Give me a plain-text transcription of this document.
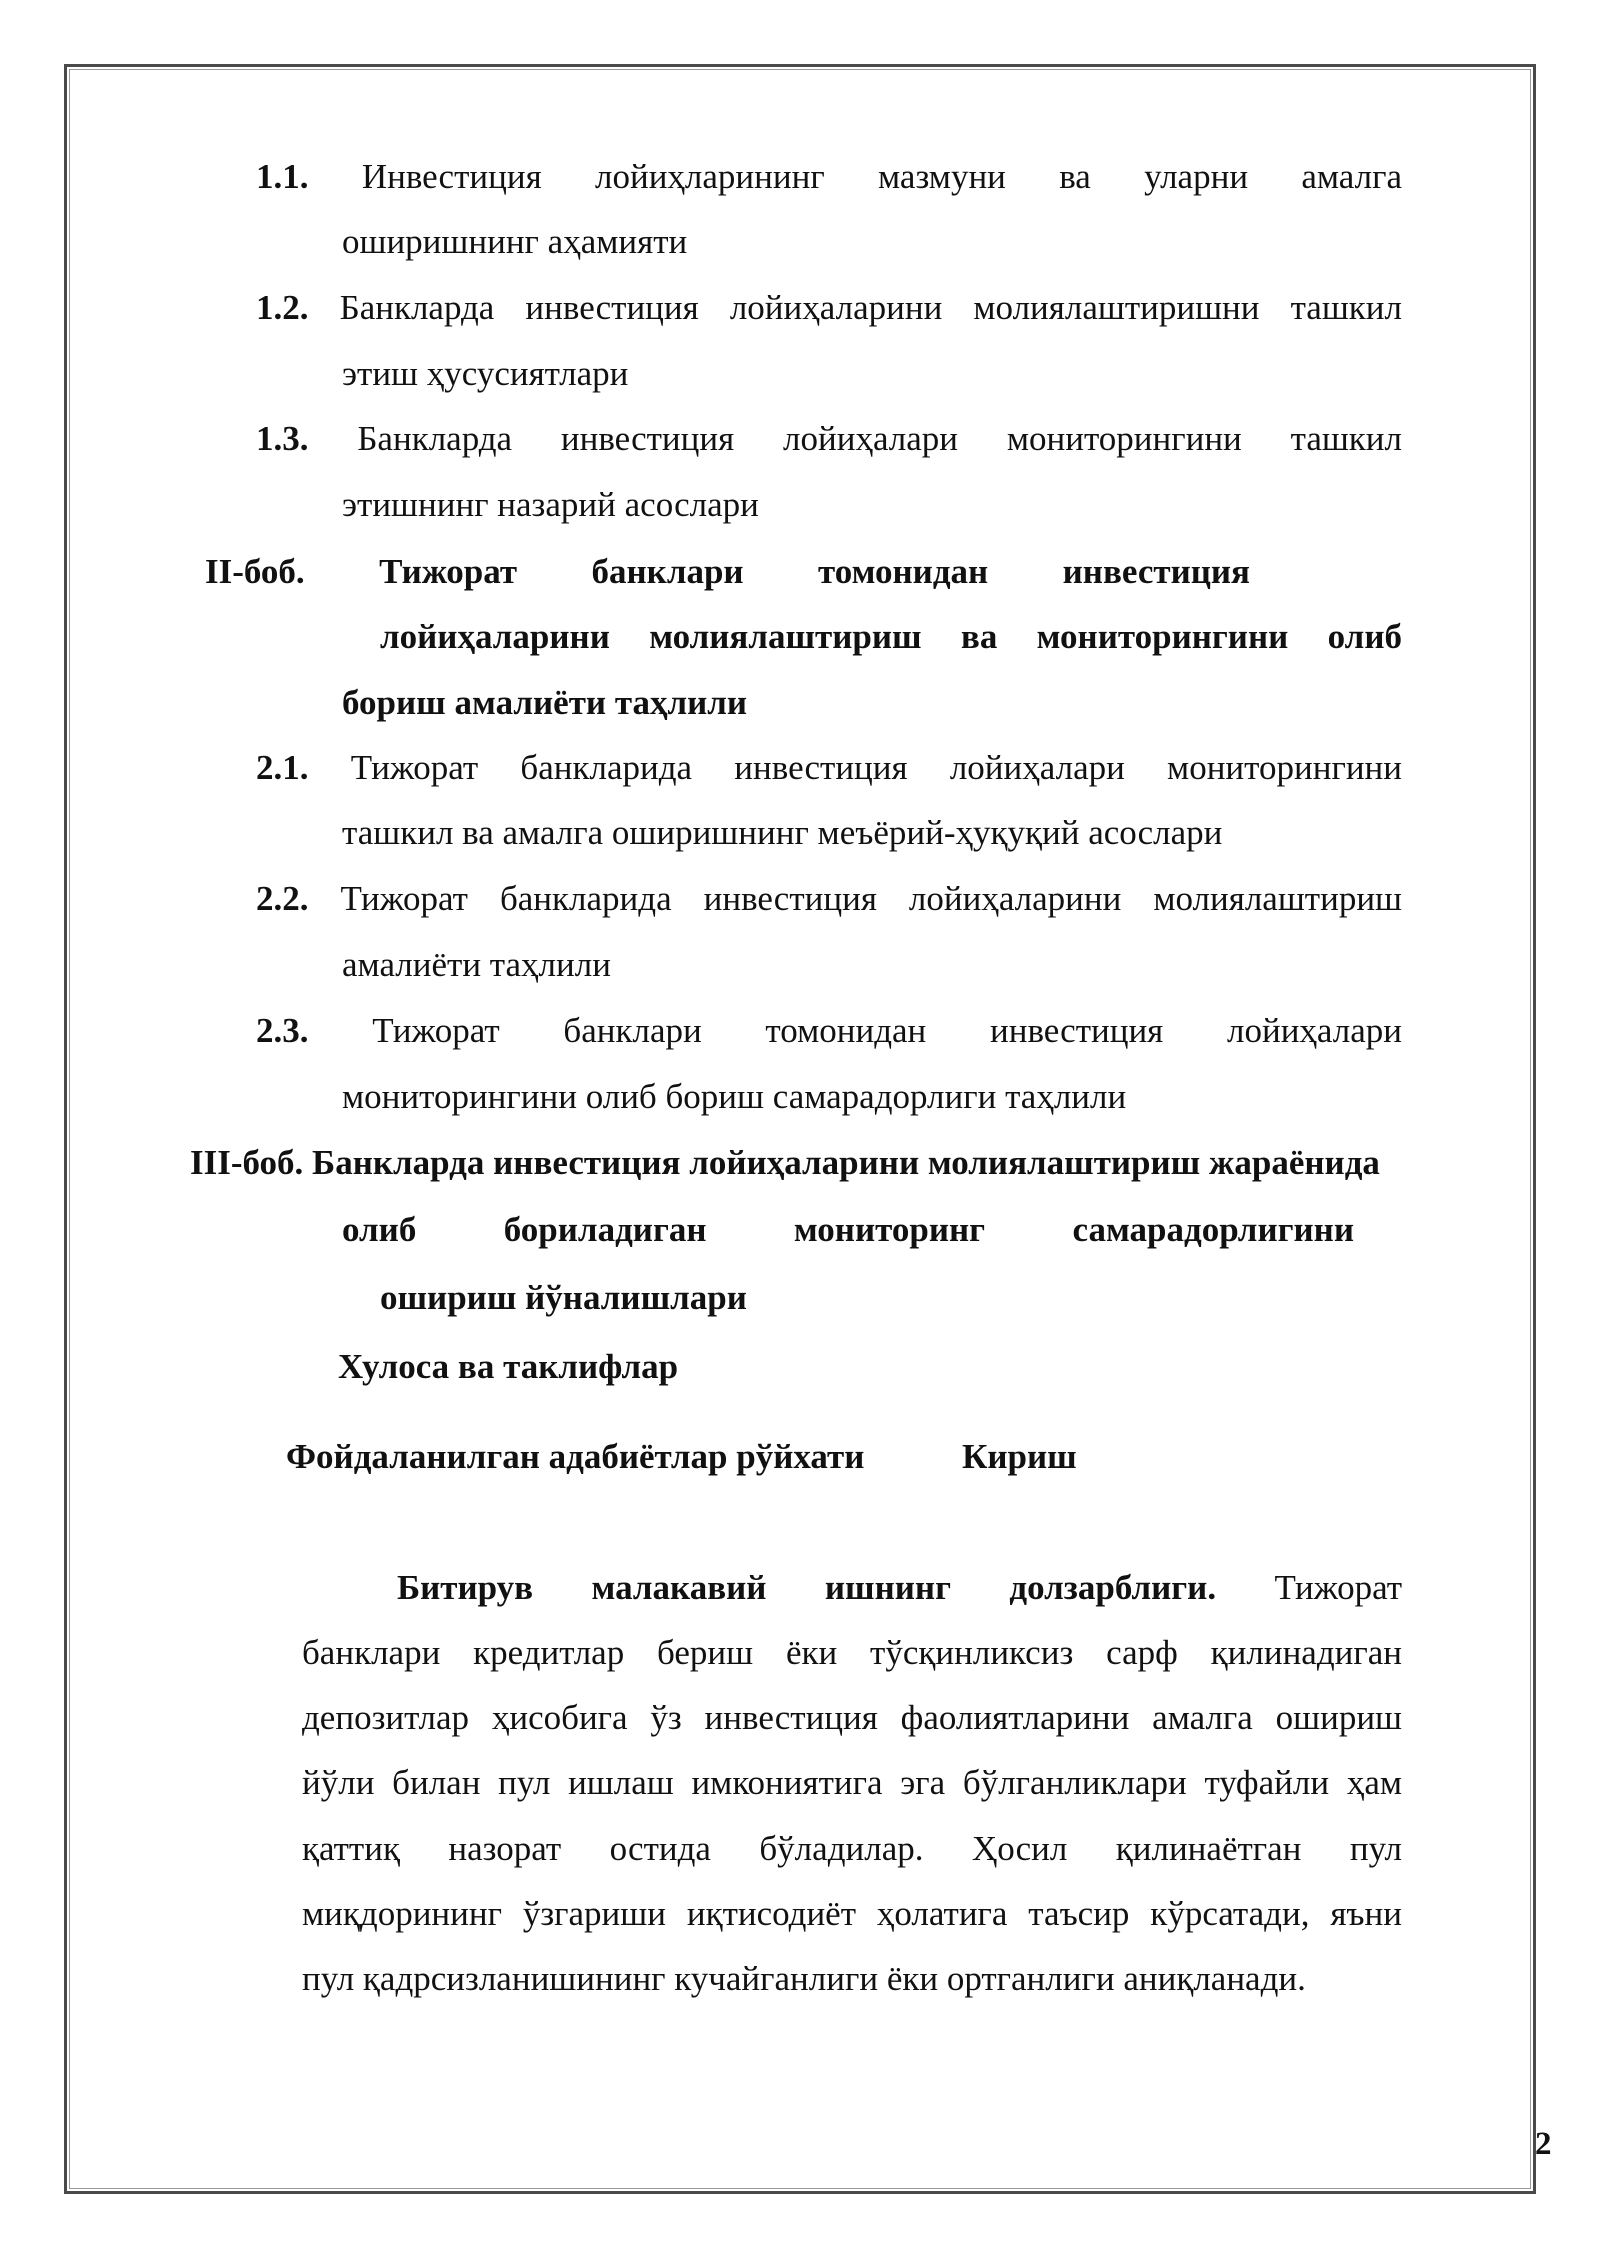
1.1. Инвестиция лойиҳларининг мазмуни ва уларни амалга
оширишнинг аҳамияти
1.2. Банкларда инвестиция лойиҳаларини молиялаштиришни ташкил
этиш ҳусусиятлари
1.3. Банкларда инвестиция лойиҳалари мониторингини ташкил
этишнинг назарий асослари
II-боб. Тижорат банклари томонидан инвестиция
лойиҳаларини молиялаштириш ва мониторингини олиб
бориш амалиёти таҳлили
2.1. Тижорат банкларида инвестиция лойиҳалари мониторингини
ташкил ва амалга оширишнинг меъёрий-ҳуқуқий асослари
2.2. Тижорат банкларида инвестиция лойиҳаларини молиялаштириш
амалиёти таҳлили
2.3. Тижорат банклари томонидан инвестиция лойиҳалари
мониторингини олиб бориш самарадорлиги таҳлили
III-боб. Банкларда инвестиция лойиҳаларини молиялаштириш жараёнида
олиб бориладиган мониторинг самарадорлигини
ошириш йўналишлари
Хулоса ва таклифлар
Фойдаланилган адабиётлар рўйхати	Кириш
Битирув малакавий ишнинг долзарблиги. Тижорат
банклари кредитлар бериш ёки тўсқинликсиз сарф қилинадиган
депозитлар ҳисобига ўз инвестиция фаолиятларини амалга ошириш
йўли билан пул ишлаш имкониятига эга бўлганликлари туфайли ҳам
қаттиқ назорат остида бўладилар. Ҳосил қилинаётган пул
миқдорининг ўзгариши иқтисодиёт ҳолатига таъсир кўрсатади, яъни
пул қадрсизланишининг кучайганлиги ёки ортганлиги аниқланади.
2
